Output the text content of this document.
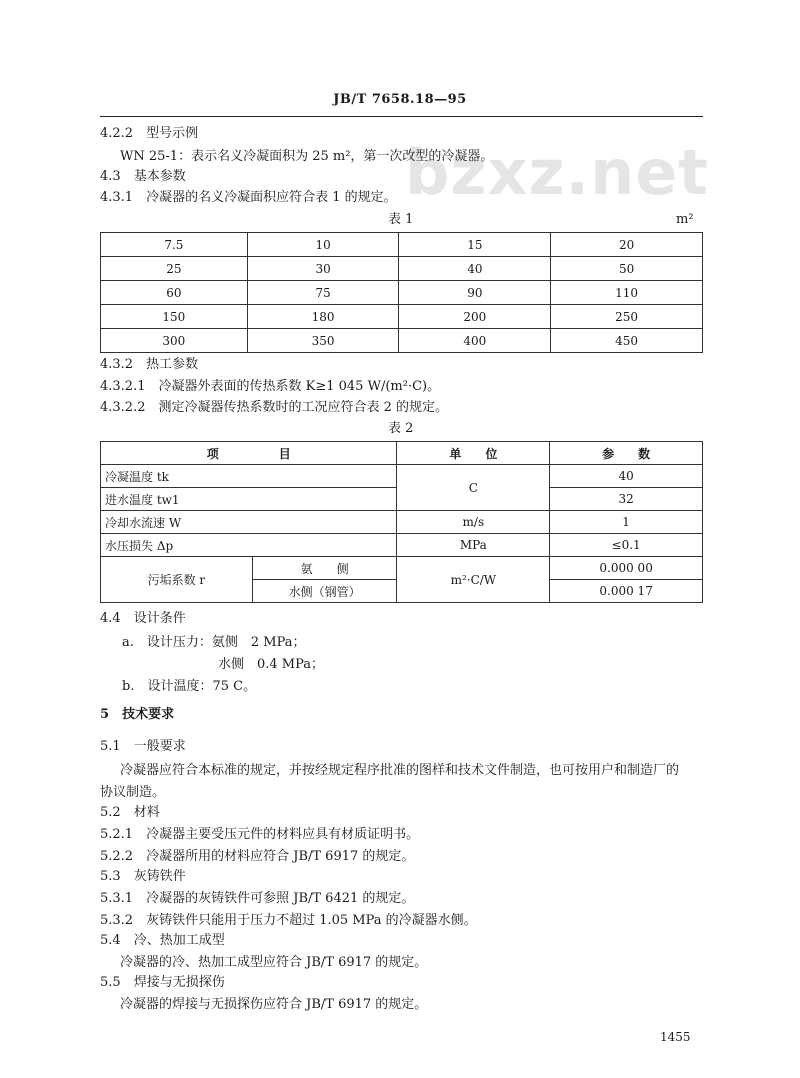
JB/T 7658.18—95
bzxz.net
4.2.2　 型号示例
WN 25-1：表示名义冷凝面积为 25 m²，第一次改型的冷凝器。
4.3　 基本参数
4.3.1　 冷凝器的名义冷凝面积应符合表 1 的规定。
表 1	m²
7.5	10	15	20
25	30	40	50
60	75	90	110
150	180	200	250
300	350	400	450
4.3.2　 热工参数
4.3.2.1　 冷凝器外表面的传热系数 K≥1 045 W/(m²·C)。
4.3.2.2　 测定冷凝器传热系数时的工况应符合表 2 的规定。
表 2
项　　　　　目		单　　位	参　　数
冷凝温度 tk		C	40
进水温度 tw1			32
冷却水流速 W		m/s	1
水压损失 Δp		MPa	≤0.1
污垢系数 r	氨　　侧	m²·C/W	0.000 00
	水侧（钢管）		0.000 17
4.4　 设计条件
a.　 设计压力：氨侧　2 MPa；
水侧　0.4 MPa；
b.　 设计温度：75 C。
5　 技术要求
5.1　 一般要求
冷凝器应符合本标准的规定，并按经规定程序批准的图样和技术文件制造，也可按用户和制造厂的
协议制造。
5.2　 材料
5.2.1　 冷凝器主要受压元件的材料应具有材质证明书。
5.2.2　 冷凝器所用的材料应符合 JB/T 6917 的规定。
5.3　 灰铸铁件
5.3.1　 冷凝器的灰铸铁件可参照 JB/T 6421 的规定。
5.3.2　 灰铸铁件只能用于压力不超过 1.05 MPa 的冷凝器水侧。
5.4　 冷、热加工成型
冷凝器的冷、热加工成型应符合 JB/T 6917 的规定。
5.5　 焊接与无损探伤
冷凝器的焊接与无损探伤应符合 JB/T 6917 的规定。
1455
